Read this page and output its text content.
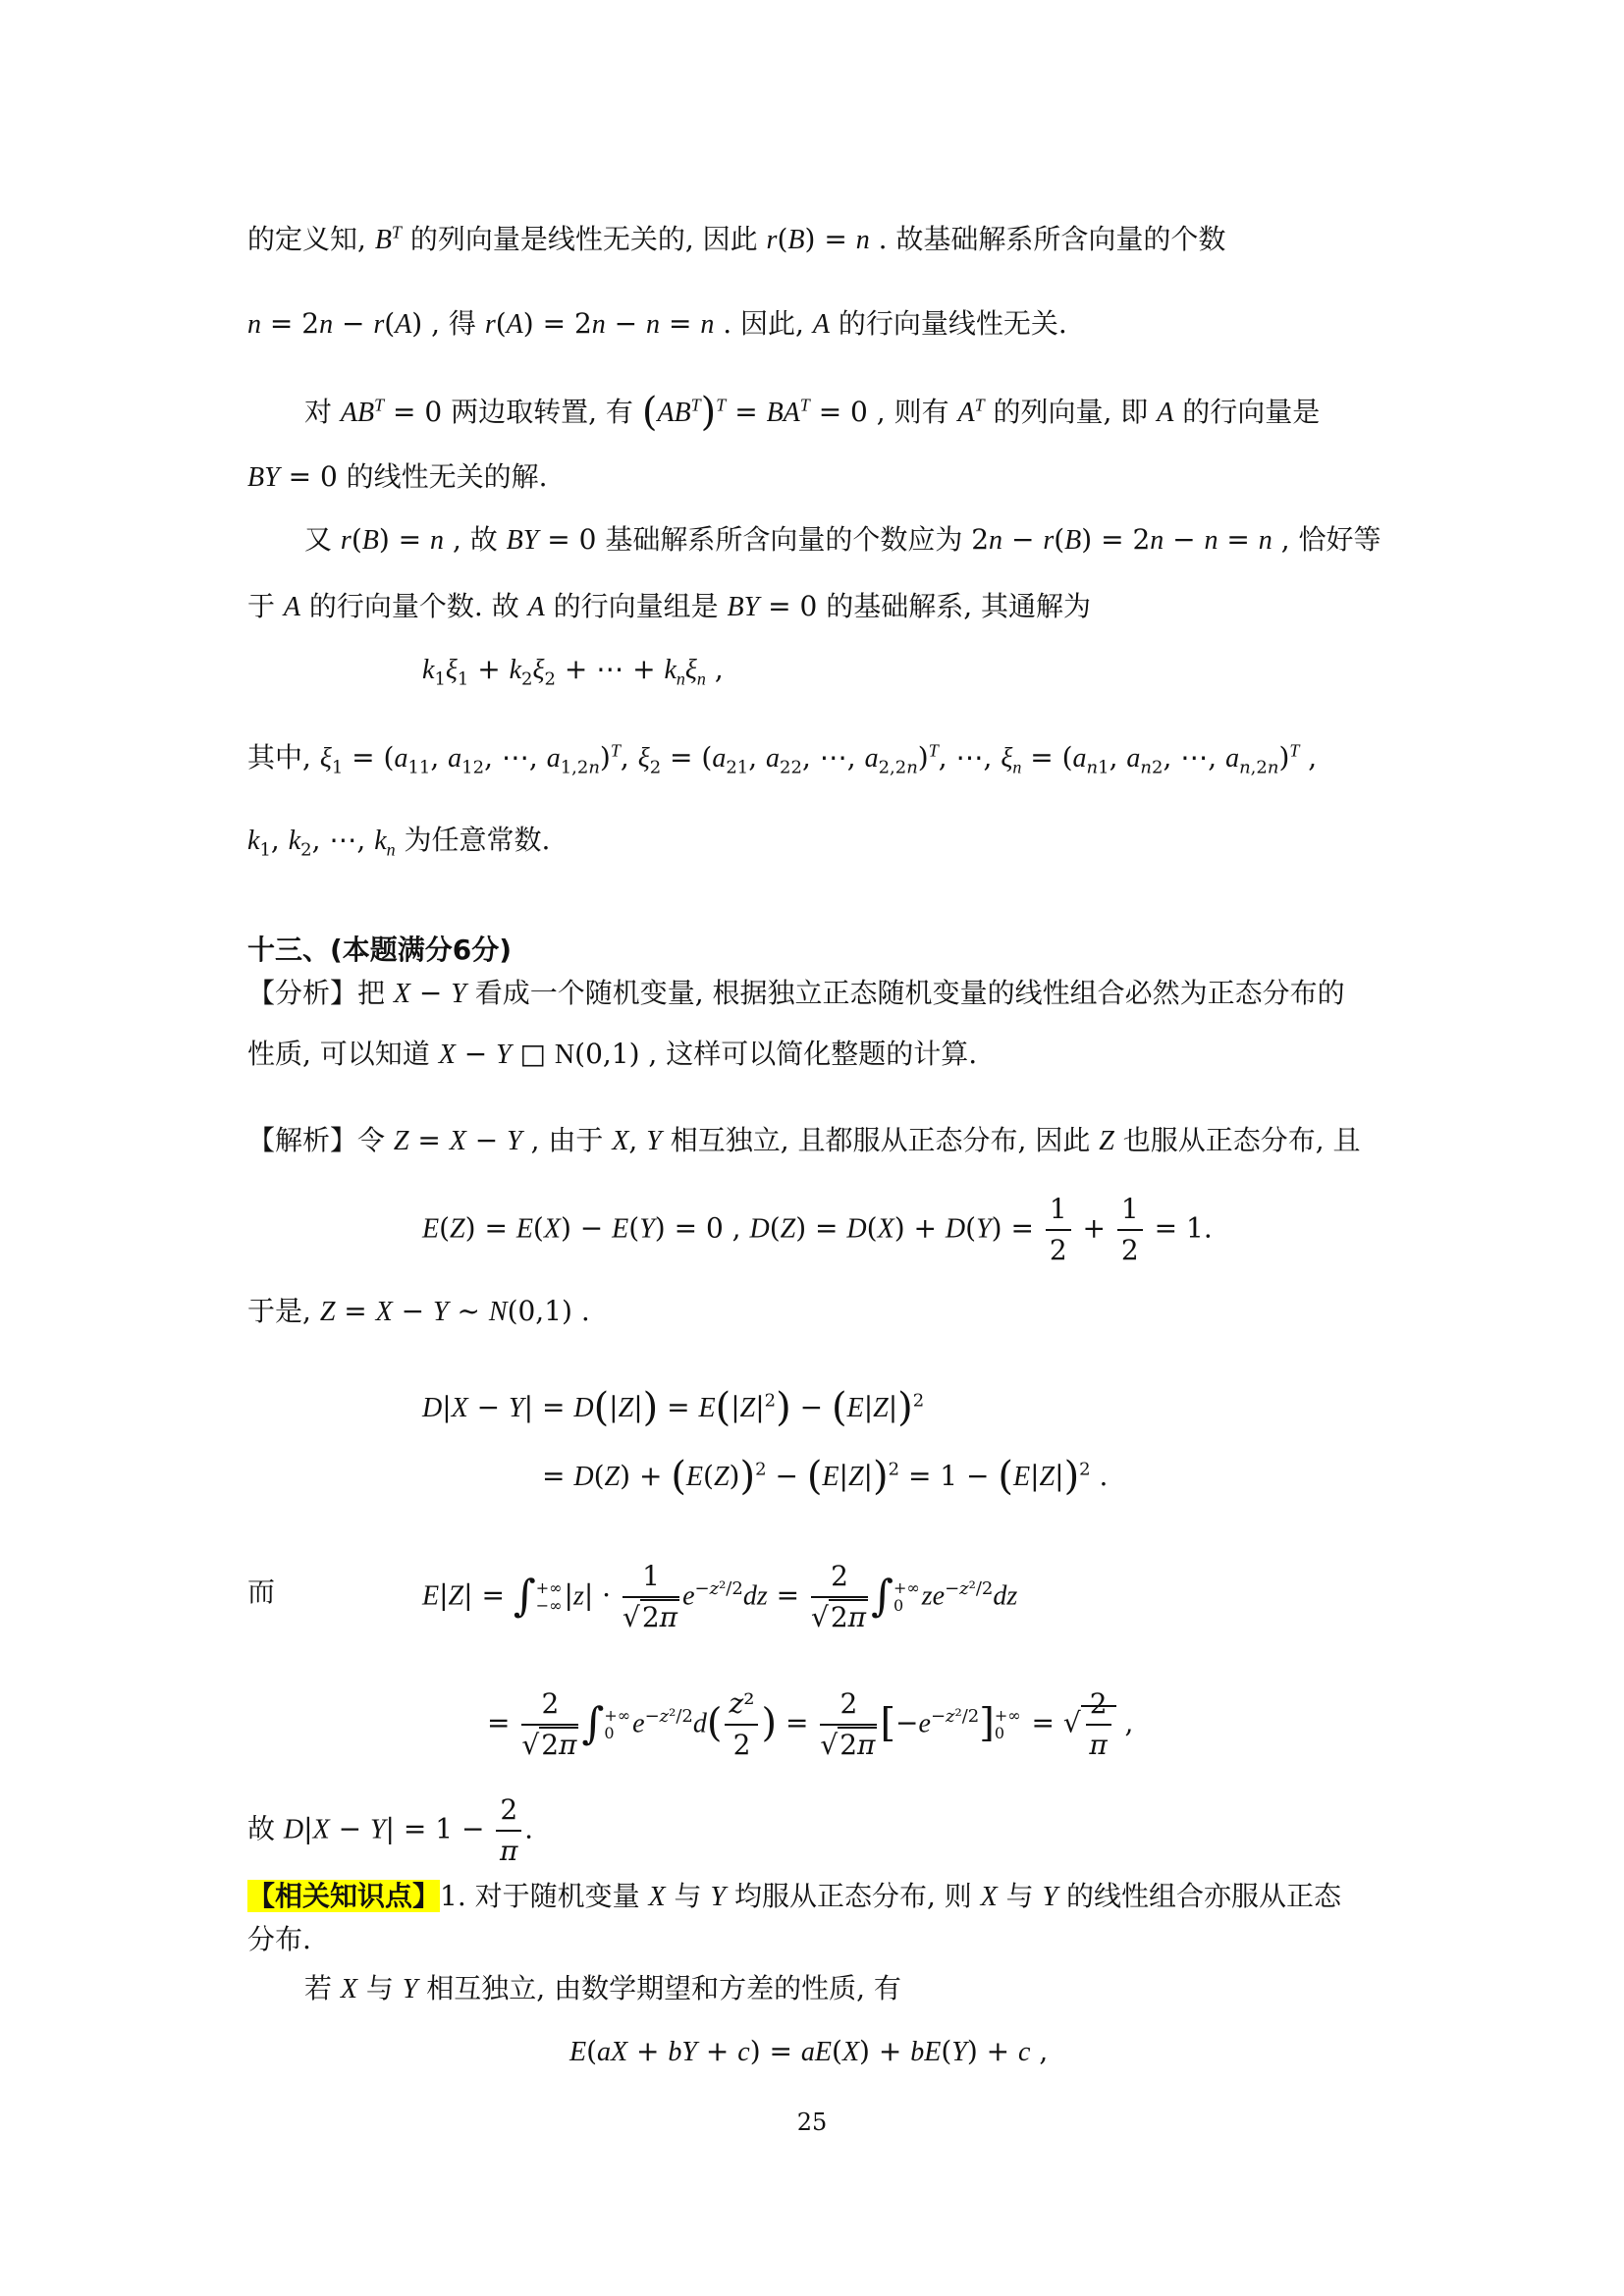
的定义知, $B^T$ 的列向量是线性无关的, 因此 r(B) = n . 故基础解系所含向量的个数
n = 2n − r(A) , 得 r(A) = 2n − n = n . 因此, A 的行向量线性无关.
对 $AB^T = 0$ 两边取转置, 有 $(AB^T)^T = BA^T = 0$ , 则有 $A^T$ 的列向量, 即 A 的行向量是
BY = 0 的线性无关的解.
又 r(B) = n , 故 BY = 0 基础解系所含向量的个数应为 2n − r(B) = 2n − n = n , 恰好等
于 A 的行向量个数. 故 A 的行向量组是 BY = 0 的基础解系, 其通解为
$k_1\xi_1 + k_2\xi_2$ + ⋯ + $k_n\xi_n$ ,
其中, $\xi_1 = (a_{11}$, $a_{12}$, ⋯, $a_{1,2n})^T$, $\xi_2 = (a_{21}$, $a_{22}$, ⋯, $a_{2,2n})^T$, ⋯, $\xi_n = (a_{n1}$, $a_{n2}$, ⋯, $a_{n,2n})^T$ ,
$k_1$, $k_2$, ⋯, $k_n$ 为任意常数.
十三、(本题满分6分)
【分析】把 X − Y 看成一个随机变量, 根据独立正态随机变量的线性组合必然为正态分布的
性质, 可以知道 X − Y □ N(0,1) , 这样可以简化整题的计算.
【解析】令 Z = X − Y , 由于 X, Y 相互独立, 且都服从正态分布, 因此 Z 也服从正态分布, 且
E(Z) = E(X) − E(Y) = 0 , $D(Z) = D(X) + D(Y) = \frac{1}{2} + \frac{1}{2} = 1$.
于是, Z = X − Y ~ N(0,1) .
$D|X - Y| = D(|Z|) = E(|Z|^2) - (E|Z|)^2$
= $D(Z) + (E(Z))^2 - (E|Z|)^2 = 1 - (E|Z|)^2$ .
而	E|Z| = ∫+∞
$-\infty|z| \cdot \frac{1}{√2\pi} e^{-z^2/2}dz = \frac{2}{√2\pi}$ ∫+∞
0 $ze^{-z^2/2}dz$
= $\frac{2}{√2\pi}$ ∫+∞
0 $e^{-z^2/2}d( \frac{\text{z²}}{2}$ ) = $\frac{2}{√2\pi} [-e^{-z^2/2}]+\infty$
0 = √ $\frac{2}{\pi}$ ,
故 $D|X - Y| = 1 - \frac{2}{\pi}$ .
【相关知识点】1. 对于随机变量 X 与 Y 均服从正态分布, 则 X 与 Y 的线性组合亦服从正态
分布.
若 X 与 Y 相互独立, 由数学期望和方差的性质, 有
E(aX + bY + c) = aE(X) + bE(Y) + c ,
25
